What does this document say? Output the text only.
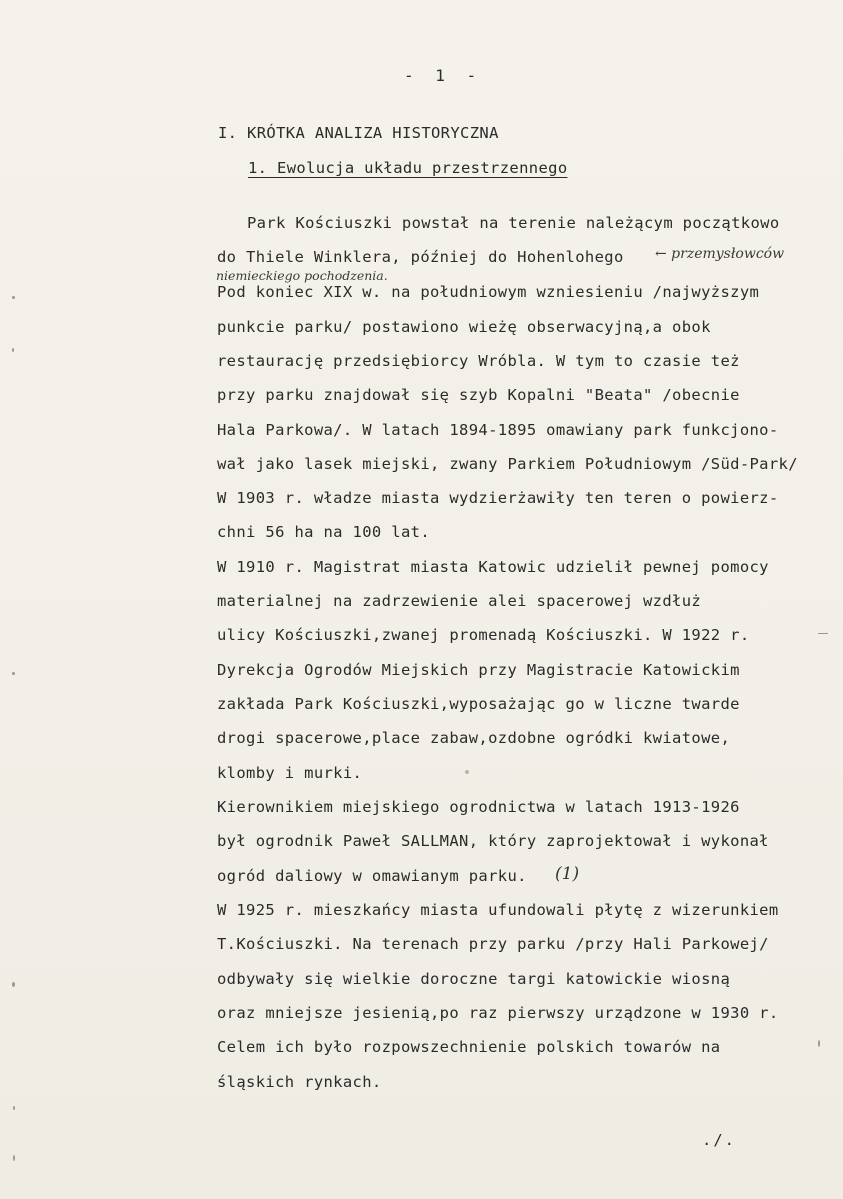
- 1 -
I. KRÓTKA ANALIZA HISTORYCZNA
1. Ewolucja układu przestrzennego
Park Kościuszki powstał na terenie należącym początkowo
do Thiele Winklera, później do Hohenlohego ← przemysłowców
niemieckiego pochodzenia.
Pod koniec XIX w. na południowym wzniesieniu /najwyższym
punkcie parku/ postawiono wieżę obserwacyjną,a obok
restaurację przedsiębiorcy Wróbla. W tym to czasie też
przy parku znajdował się szyb Kopalni "Beata" /obecnie
Hala Parkowa/. W latach 1894-1895 omawiany park funkcjono-
wał jako lasek miejski, zwany Parkiem Południowym /Süd-Park/
W 1903 r. władze miasta wydzierżawiły ten teren o powierz-
chni 56 ha na 100 lat.
W 1910 r. Magistrat miasta Katowic udzielił pewnej pomocy
materialnej na zadrzewienie alei spacerowej wzdłuż
ulicy Kościuszki,zwanej promenadą Kościuszki. W 1922 r.
Dyrekcja Ogrodów Miejskich przy Magistracie Katowickim
zakłada Park Kościuszki,wyposażając go w liczne twarde
drogi spacerowe,place zabaw,ozdobne ogródki kwiatowe,
klomby i murki.
Kierownikiem miejskiego ogrodnictwa w latach 1913-1926
był ogrodnik Paweł SALLMAN, który zaprojektował i wykonał
ogród daliowy w omawianym parku. (1)
W 1925 r. mieszkańcy miasta ufundowali płytę z wizerunkiem
T.Kościuszki. Na terenach przy parku /przy Hali Parkowej/
odbywały się wielkie doroczne targi katowickie wiosną
oraz mniejsze jesienią,po raz pierwszy urządzone w 1930 r.
Celem ich było rozpowszechnienie polskich towarów na
śląskich rynkach.
./.
